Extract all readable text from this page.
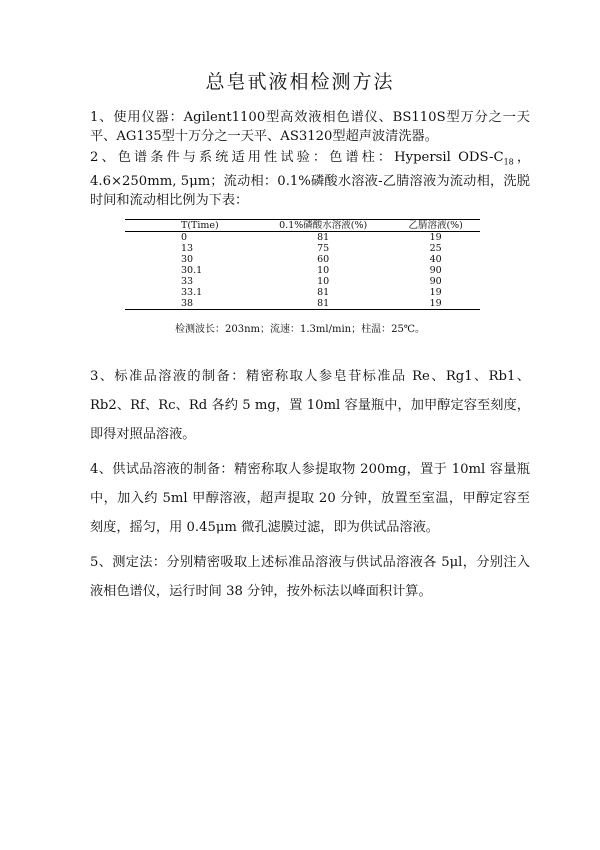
总皂甙液相检测方法

1、使用仪器：Agilent1100型高效液相色谱仪、BS110S型万分之一天平、AG135型十万分之一天平、AS3120型超声波清洗器。

2、色谱条件与系统适用性试验：色谱柱：Hypersil ODS-$C_{18}$，4.6×250mm, 5μm；流动相：0.1%磷酸水溶液-乙腈溶液为流动相，洗脱时间和流动相比例为下表：

T(Time)	0.1%磷酸水溶液(%)	乙腈溶液(%)
0	81	19
13	75	25
30	60	40
30.1	10	90
33	10	90
33.1	81	19
38	81	19
检测波长：203nm；流速：1.3ml/min；柱温：25℃。

3、标准品溶液的制备：精密称取人参皂苷标准品 Re、Rg1、Rb1、Rb2、Rf、Rc、Rd 各约 5 mg，置 10ml 容量瓶中，加甲醇定容至刻度，即得对照品溶液。

4、供试品溶液的制备：精密称取人参提取物 200mg，置于 10ml 容量瓶中，加入约 5ml 甲醇溶液，超声提取 20 分钟，放置至室温，甲醇定容至刻度，摇匀，用 0.45μm 微孔滤膜过滤，即为供试品溶液。

5、测定法：分别精密吸取上述标准品溶液与供试品溶液各 5μl，分别注入液相色谱仪，运行时间 38 分钟，按外标法以峰面积计算。
